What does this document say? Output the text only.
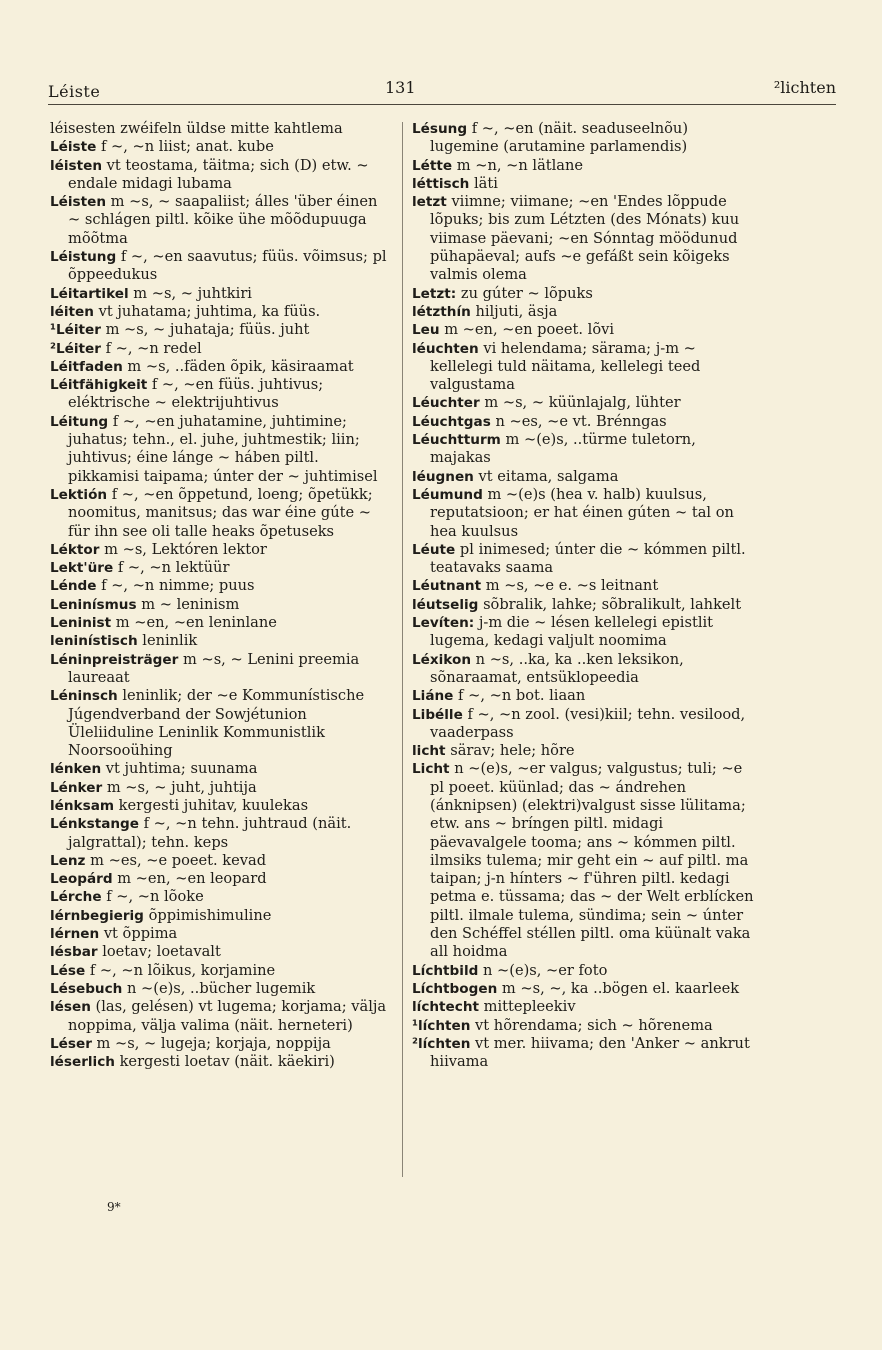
Léiste	131	²lichten

léisesten zwéifeln üldse mitte kahtlema

Léiste f ~, ~n liist; anat. kube

léisten vt teostama, täitma; sich (D) etw. ~ endale midagi lubama

Léisten m ~s, ~ saapaliist; álles 'über éinen ~ schlágen piltl. kõike ühe mõõdupuuga mõõtma

Léistung f ~, ~en saavutus; füüs. võimsus; pl õppeedukus

Léitartikel m ~s, ~ juhtkiri

léiten vt juhatama; juhtima, ka füüs.

¹Léiter m ~s, ~ juhataja; füüs. juht

²Léiter f ~, ~n redel

Léitfaden m ~s, ..fäden õpik, käsiraamat

Léitfähigkeit f ~, ~en füüs. juhtivus; eléktrische ~ elektrijuhtivus

Léitung f ~, ~en juhatamine, juhtimine; juhatus; tehn., el. juhe, juhtmestik; liin; juhtivus; éine lánge ~ háben piltl. pikkamisi taipama; únter der ~ juhtimisel

Lektión f ~, ~en õppetund, loeng; õpetükk; noomitus, manitsus; das war éine gúte ~ für ihn see oli talle heaks õpetuseks

Léktor m ~s, Lektóren lektor

Lekt'üre f ~, ~n lektüür

Lénde f ~, ~n nimme; puus

Leninísmus m ~ leninism

Leninist m ~en, ~en leninlane

leninístisch leninlik

Léninpreisträger m ~s, ~ Lenini preemia laureaat

Léninsch leninlik; der ~e Kommunístische Júgendverband der Sowjétunion Üleliiduline Leninlik Kommunistlik Noorsooühing

lénken vt juhtima; suunama

Lénker m ~s, ~ juht, juhtija

lénksam kergesti juhitav, kuulekas

Lénkstange f ~, ~n tehn. juhtraud (näit. jalgrattal); tehn. keps

Lenz m ~es, ~e poeet. kevad

Leopárd m ~en, ~en leopard

Lérche f ~, ~n lõoke

lérnbegierig õppimishimuline

lérnen vt õppima

lésbar loetav; loetavalt

Lése f ~, ~n lõikus, korjamine

Lésebuch n ~(e)s, ..bücher lugemik

lésen (las, gelésen) vt lugema; korjama; välja noppima, välja valima (näit. herneteri)

Léser m ~s, ~ lugeja; korjaja, noppija

léserlich kergesti loetav (näit. käekiri)

Lésung f ~, ~en (näit. seaduseelnõu) lugemine (arutamine parlamendis)

Létte m ~n, ~n lätlane

léttisch läti

letzt viimne; viimane; ~en 'Endes lõppude lõpuks; bis zum Létzten (des Mónats) kuu viimase päevani; ~en Sónntag möödunud pühapäeval; aufs ~e gefáßt sein kõigeks valmis olema

Letzt: zu gúter ~ lõpuks

létzthín hiljuti, äsja

Leu m ~en, ~en poeet. lõvi

léuchten vi helendama; särama; j-m ~ kellelegi tuld näitama, kellelegi teed valgustama

Léuchter m ~s, ~ küünlajalg, lühter

Léuchtgas n ~es, ~e vt. Brénngas

Léuchtturm m ~(e)s, ..türme tuletorn, majakas

léugnen vt eitama, salgama

Léumund m ~(e)s (hea v. halb) kuulsus, reputatsioon; er hat éinen gúten ~ tal on hea kuulsus

Léute pl inimesed; únter die ~ kómmen piltl. teatavaks saama

Léutnant m ~s, ~e e. ~s leitnant

léutselig sõbralik, lahke; sõbralikult, lahkelt

Levíten: j-m die ~ lésen kellelegi epistlit lugema, kedagi valjult noomima

Léxikon n ~s, ..ka, ka ..ken leksikon, sõnaraamat, entsüklopeedia

Liáne f ~, ~n bot. liaan

Libélle f ~, ~n zool. (vesi)kiil; tehn. vesilood, vaaderpass

licht särav; hele; hõre

Licht n ~(e)s, ~er valgus; valgustus; tuli; ~e pl poeet. küünlad; das ~ ándrehen (ánknipsen) (elektri)valgust sisse lülitama; etw. ans ~ bríngen piltl. midagi päevavalgele tooma; ans ~ kómmen piltl. ilmsiks tulema; mir geht ein ~ auf piltl. ma taipan; j-n hínters ~ f'ühren piltl. kedagi petma e. tüssama; das ~ der Welt erblícken piltl. ilmale tulema, sündima; sein ~ únter den Schéffel stéllen piltl. oma küünalt vaka all hoidma

Líchtbild n ~(e)s, ~er foto

Líchtbogen m ~s, ~, ka ..bögen el. kaarleek

líchtecht mittepleekiv

¹líchten vt hõrendama; sich ~ hõrenema

²líchten vt mer. hiivama; den 'Anker ~ ankrut hiivama

9*
